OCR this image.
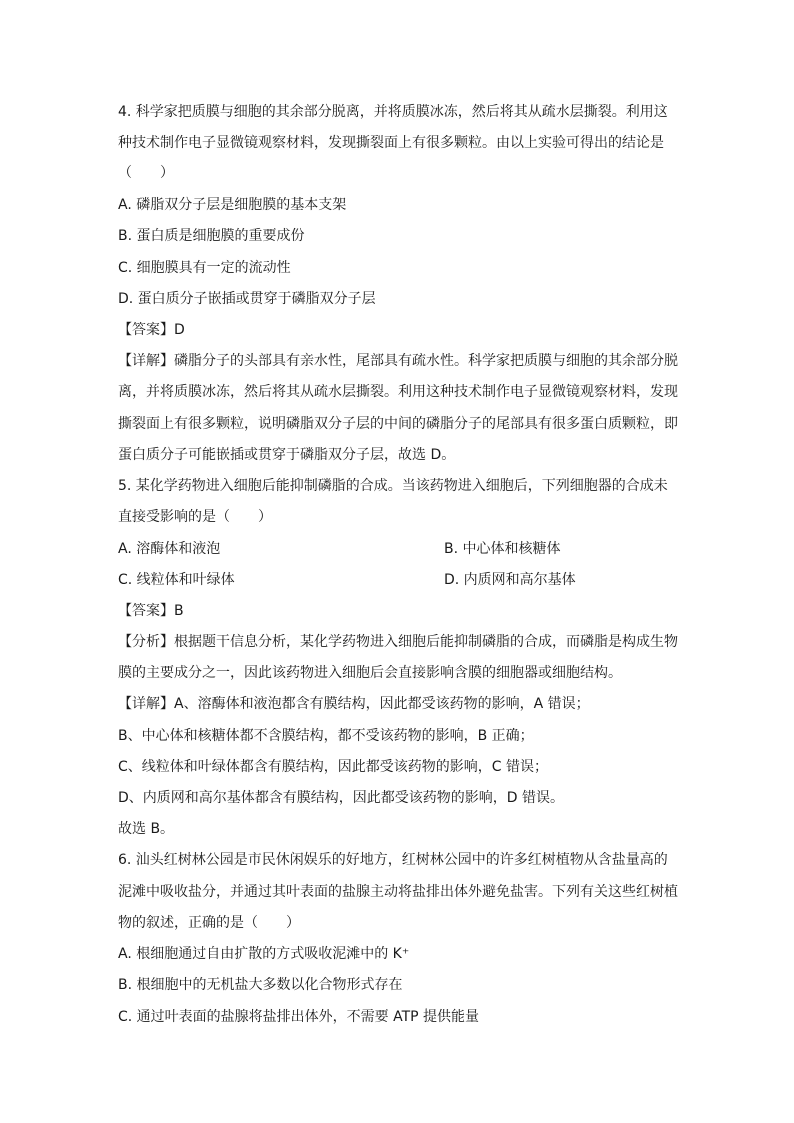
4. 科学家把质膜与细胞的其余部分脱离，并将质膜冰冻，然后将其从疏水层撕裂。利用这
种技术制作电子显微镜观察材料，发现撕裂面上有很多颗粒。由以上实验可得出的结论是
（　　）
A. 磷脂双分子层是细胞膜的基本支架
B. 蛋白质是细胞膜的重要成份
C. 细胞膜具有一定的流动性
D. 蛋白质分子嵌插或贯穿于磷脂双分子层
【答案】D
【详解】磷脂分子的头部具有亲水性，尾部具有疏水性。科学家把质膜与细胞的其余部分脱
离，并将质膜冰冻，然后将其从疏水层撕裂。利用这种技术制作电子显微镜观察材料，发现
撕裂面上有很多颗粒，说明磷脂双分子层的中间的磷脂分子的尾部具有很多蛋白质颗粒，即
蛋白质分子可能嵌插或贯穿于磷脂双分子层，故选 D。
5. 某化学药物进入细胞后能抑制磷脂的合成。当该药物进入细胞后，下列细胞器的合成未
直接受影响的是（　　）
A. 溶酶体和液泡	B. 中心体和核糖体
C. 线粒体和叶绿体	D. 内质网和高尔基体
【答案】B
【分析】根据题干信息分析，某化学药物进入细胞后能抑制磷脂的合成，而磷脂是构成生物
膜的主要成分之一，因此该药物进入细胞后会直接影响含膜的细胞器或细胞结构。
【详解】A、溶酶体和液泡都含有膜结构，因此都受该药物的影响，A 错误；
B、中心体和核糖体都不含膜结构，都不受该药物的影响，B 正确；
C、线粒体和叶绿体都含有膜结构，因此都受该药物的影响，C 错误；
D、内质网和高尔基体都含有膜结构，因此都受该药物的影响，D 错误。
故选 B。
6. 汕头红树林公园是市民休闲娱乐的好地方，红树林公园中的许多红树植物从含盐量高的
泥滩中吸收盐分，并通过其叶表面的盐腺主动将盐排出体外避免盐害。下列有关这些红树植
物的叙述，正确的是（　　）
A. 根细胞通过自由扩散的方式吸收泥滩中的 K⁺
B. 根细胞中的无机盐大多数以化合物形式存在
C. 通过叶表面的盐腺将盐排出体外，不需要 ATP 提供能量
